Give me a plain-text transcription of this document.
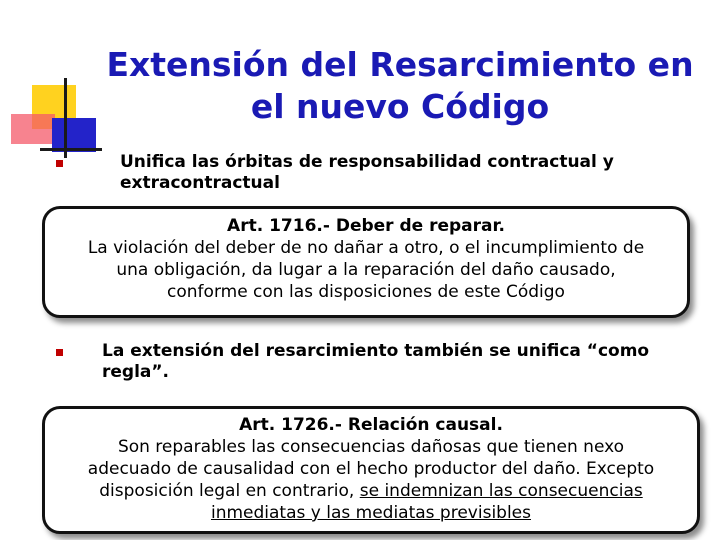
Extensión del Resarcimiento en
el nuevo Código
Unifica las órbitas de responsabilidad contractual y extracontractual
Art. 1716.- Deber de reparar.
La violación del deber de no dañar a otro, o el incumplimiento de
una obligación, da lugar a la reparación del daño causado,
conforme con las disposiciones de este Código
La extensión del resarcimiento también se unifica “como regla”.
Art. 1726.- Relación causal.
Son reparables las consecuencias dañosas que tienen nexo
adecuado de causalidad con el hecho productor del daño. Excepto
disposición legal en contrario, se indemnizan las consecuencias
inmediatas y las mediatas previsibles
